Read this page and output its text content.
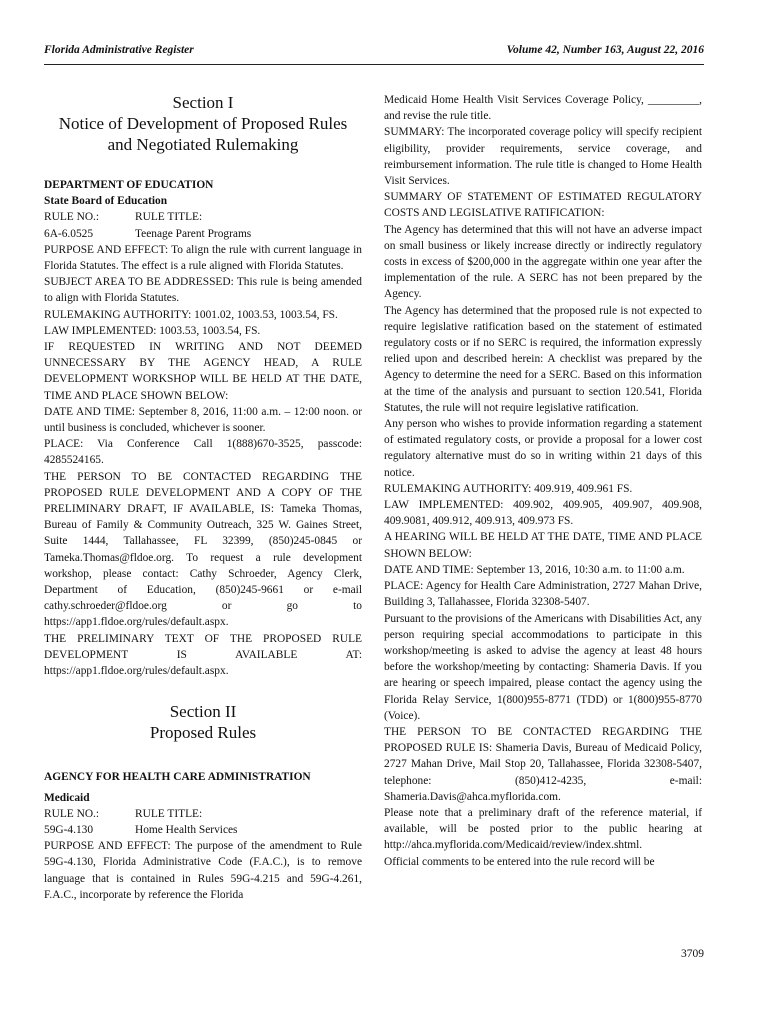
Florida Administrative Register	Volume 42, Number 163, August 22, 2016

Section I

Notice of Development of Proposed Rules

and Negotiated Rulemaking

DEPARTMENT OF EDUCATION

State Board of Education

RULE NO.:	RULE TITLE:
6A-6.0525	Teenage Parent Programs

PURPOSE AND EFFECT: To align the rule with current language in Florida Statutes. The effect is a rule aligned with Florida Statutes.

SUBJECT AREA TO BE ADDRESSED: This rule is being amended to align with Florida Statutes.

RULEMAKING AUTHORITY: 1001.02, 1003.53, 1003.54, FS.

LAW IMPLEMENTED: 1003.53, 1003.54, FS.

IF REQUESTED IN WRITING AND NOT DEEMED UNNECESSARY BY THE AGENCY HEAD, A RULE DEVELOPMENT WORKSHOP WILL BE HELD AT THE DATE, TIME AND PLACE SHOWN BELOW:

DATE AND TIME: September 8, 2016, 11:00 a.m. – 12:00 noon. or until business is concluded, whichever is sooner.

PLACE: Via Conference Call 1(888)670-3525, passcode: 4285524165.

THE PERSON TO BE CONTACTED REGARDING THE PROPOSED RULE DEVELOPMENT AND A COPY OF THE PRELIMINARY DRAFT, IF AVAILABLE, IS: Tameka Thomas, Bureau of Family & Community Outreach, 325 W. Gaines Street, Suite 1444, Tallahassee, FL 32399, (850)245-0845 or Tameka.Thomas@fldoe.org. To request a rule development workshop, please contact: Cathy Schroeder, Agency Clerk, Department of Education, (850)245-9661 or e-mail cathy.schroeder@fldoe.org or go to https://app1.fldoe.org/rules/default.aspx.

THE PRELIMINARY TEXT OF THE PROPOSED RULE DEVELOPMENT IS AVAILABLE AT: https://app1.fldoe.org/rules/default.aspx.

Section II

Proposed Rules

AGENCY FOR HEALTH CARE ADMINISTRATION

Medicaid

RULE NO.:	RULE TITLE:
59G-4.130	Home Health Services

PURPOSE AND EFFECT: The purpose of the amendment to Rule 59G-4.130, Florida Administrative Code (F.A.C.), is to remove language that is contained in Rules 59G-4.215 and 59G-4.261, F.A.C., incorporate by reference the Florida

Medicaid Home Health Visit Services Coverage Policy, _________, and revise the rule title.

SUMMARY: The incorporated coverage policy will specify recipient eligibility, provider requirements, service coverage, and reimbursement information. The rule title is changed to Home Health Visit Services.

SUMMARY OF STATEMENT OF ESTIMATED REGULATORY COSTS AND LEGISLATIVE RATIFICATION:

The Agency has determined that this will not have an adverse impact on small business or likely increase directly or indirectly regulatory costs in excess of $200,000 in the aggregate within one year after the implementation of the rule. A SERC has not been prepared by the Agency.

The Agency has determined that the proposed rule is not expected to require legislative ratification based on the statement of estimated regulatory costs or if no SERC is required, the information expressly relied upon and described herein: A checklist was prepared by the Agency to determine the need for a SERC. Based on this information at the time of the analysis and pursuant to section 120.541, Florida Statutes, the rule will not require legislative ratification.

Any person who wishes to provide information regarding a statement of estimated regulatory costs, or provide a proposal for a lower cost regulatory alternative must do so in writing within 21 days of this notice.

RULEMAKING AUTHORITY: 409.919, 409.961 FS.

LAW IMPLEMENTED: 409.902, 409.905, 409.907, 409.908, 409.9081, 409.912, 409.913, 409.973 FS.

A HEARING WILL BE HELD AT THE DATE, TIME AND PLACE SHOWN BELOW:

DATE AND TIME: September 13, 2016, 10:30 a.m. to 11:00 a.m.

PLACE: Agency for Health Care Administration, 2727 Mahan Drive, Building 3, Tallahassee, Florida 32308-5407.

Pursuant to the provisions of the Americans with Disabilities Act, any person requiring special accommodations to participate in this workshop/meeting is asked to advise the agency at least 48 hours before the workshop/meeting by contacting: Shameria Davis. If you are hearing or speech impaired, please contact the agency using the Florida Relay Service, 1(800)955-8771 (TDD) or 1(800)955-8770 (Voice).

THE PERSON TO BE CONTACTED REGARDING THE PROPOSED RULE IS: Shameria Davis, Bureau of Medicaid Policy, 2727 Mahan Drive, Mail Stop 20, Tallahassee, Florida 32308-5407, telephone: (850)412-4235, e-mail: Shameria.Davis@ahca.myflorida.com.

Please note that a preliminary draft of the reference material, if available, will be posted prior to the public hearing at http://ahca.myflorida.com/Medicaid/review/index.shtml.

Official comments to be entered into the rule record will be

3709
